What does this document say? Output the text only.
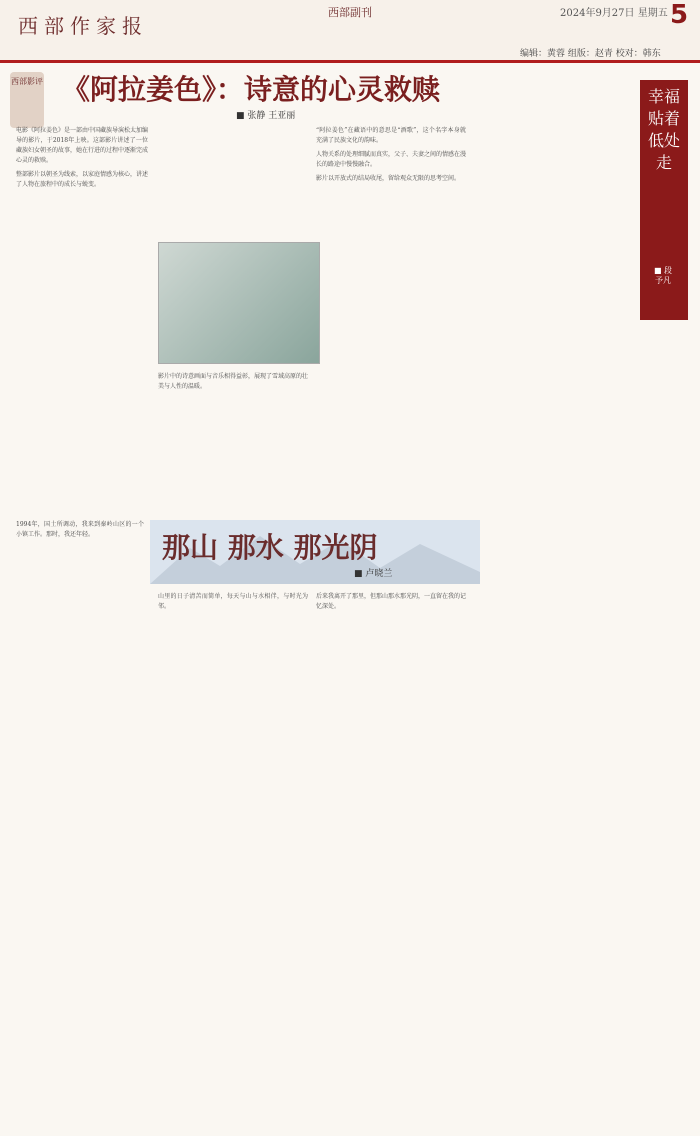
西部作家报
西部副刊	2024年9月27日 星期五 5
编辑：黄蓉 组版：赵青 校对：韩东
西部影评 《阿拉姜色》：诗意的心灵救赎
■ 张静 王亚丽

电影《阿拉姜色》是一部由中国藏族导演松太加编导的影片，于2018年上映。这部影片讲述了一位藏族妇女朝圣的故事，她在行进的过程中逐渐完成心灵的救赎。

整部影片以朝圣为线索，以家庭情感为核心，讲述了人物在旅程中的成长与蜕变。

影片中的诗意画面与音乐相得益彰，展现了雪域高原的壮美与人性的温暖。

“阿拉姜色”在藏语中的意思是“酒歌”，这个名字本身就充满了民族文化的韵味。

人物关系的处理细腻而真实，父子、夫妻之间的情感在漫长的路途中慢慢融合。

影片以开放式的结局收尾，留给观众无限的思考空间。

幸福贴着低处走
■ 段予凡
那山 那水 那光阴
■ 卢晓兰

1994年，国土所调动，我来到秦岭山区的一个小镇工作。那时，我还年轻。

山里的日子清苦而简单，每天与山与水相伴，与时光为邻。

后来我离开了那里，但那山那水那光阴，一直留在我的记忆深处。
